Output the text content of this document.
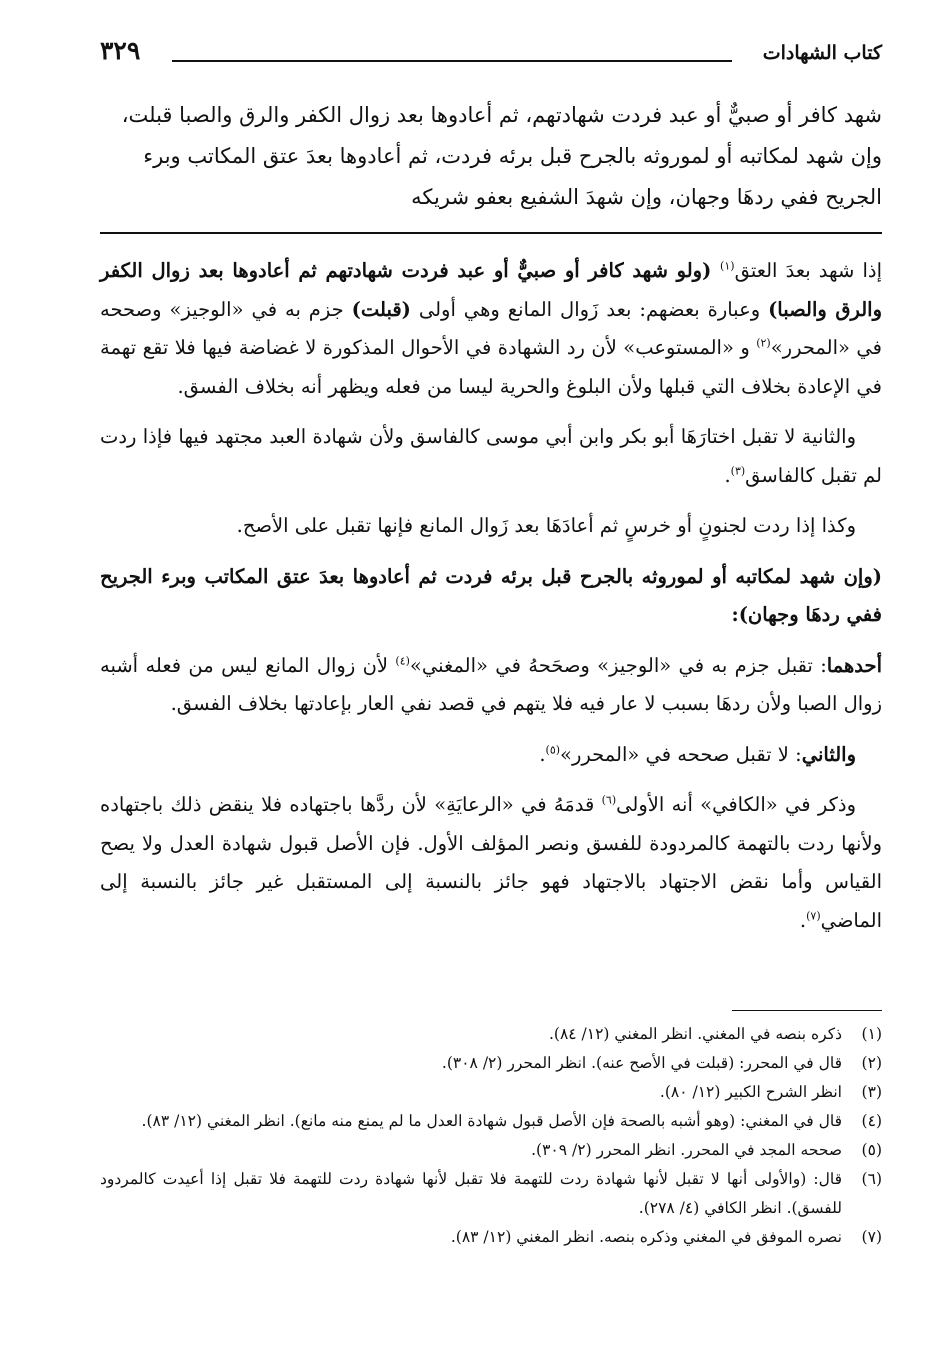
كتاب الشهادات
٣٢٩
شهد كافر أو صبيٌّ أو عبد فردت شهادتهم، ثم أعادوها بعد زوال الكفر والرق والصبا قبلت، وإن شهد لمكاتبه أو لموروثه بالجرح قبل برئه فردت، ثم أعادوها بعدَ عتق المكاتب وبرء الجريح ففي ردهَا وجهان، وإن شهدَ الشفيع بعفو شريكه

إذا شهد بعدَ العتق$^{(١)}$ (ولو شهد كافر أو صبيٌّ أو عبد فردت شهادتهم ثم أعادوها بعد زوال الكفر والرق والصبا) وعبارة بعضهم: بعد زَوال المانع وهي أولى (قبلت) جزم به في «الوجيز» وصححه في «المحرر»$^{(٢)}$ و «المستوعب» لأن رد الشهادة في الأحوال المذكورة لا غضاضة فيها فلا تقع تهمة في الإعادة بخلاف التي قبلها ولأن البلوغ والحرية ليسا من فعله ويظهر أنه بخلاف الفسق.

والثانية لا تقبل اختارَهَا أبو بكر وابن أبي موسى كالفاسق ولأن شهادة العبد مجتهد فيها فإذا ردت لم تقبل كالفاسق$^{(٣)}$.

وكذا إذا ردت لجنونٍ أو خرسٍ ثم أعادَهَا بعد زَوال المانع فإنها تقبل على الأصح.

(وإن شهد لمكاتبه أو لموروثه بالجرح قبل برئه فردت ثم أعادوها بعدَ عتق المكاتب وبرء الجريح ففي ردهَا وجهان):

أحدهما: تقبل جزم به في «الوجيز» وصحَحهُ في «المغني»$^{(٤)}$ لأن زوال المانع ليس من فعله أشبه زوال الصبا ولأن ردهَا بسبب لا عار فيه فلا يتهم في قصد نفي العار بإعادتها بخلاف الفسق.

والثاني: لا تقبل صححه في «المحرر»$^{(٥)}$.

وذكر في «الكافي» أنه الأولى$^{(٦)}$ قدمَهُ في «الرعايَةِ» لأن ردَّها باجتهاده فلا ينقض ذلك باجتهاده ولأنها ردت بالتهمة كالمردودة للفسق ونصر المؤلف الأول. فإن الأصل قبول شهادة العدل ولا يصح القياس وأما نقض الاجتهاد بالاجتهاد فهو جائز بالنسبة إلى المستقبل غير جائز بالنسبة إلى الماضي$^{(٧)}$.

(١)
ذكره بنصه في المغني. انظر المغني (١٢/ ٨٤).

(٢)
قال في المحرر: (قبلت في الأصح عنه). انظر المحرر (٢/ ٣٠٨).

(٣)
انظر الشرح الكبير (١٢/ ٨٠).

(٤)
قال في المغني: (وهو أشبه بالصحة فإن الأصل قبول شهادة العدل ما لم يمنع منه مانع). انظر المغني (١٢/ ٨٣).

(٥)
صححه المجد في المحرر. انظر المحرر (٢/ ٣٠٩).

(٦)
قال: (والأولى أنها لا تقبل لأنها شهادة ردت للتهمة فلا تقبل لأنها شهادة ردت للتهمة فلا تقبل إذا أعيدت كالمردود للفسق). انظر الكافي (٤/ ٢٧٨).

(٧)
نصره الموفق في المغني وذكره بنصه. انظر المغني (١٢/ ٨٣).
